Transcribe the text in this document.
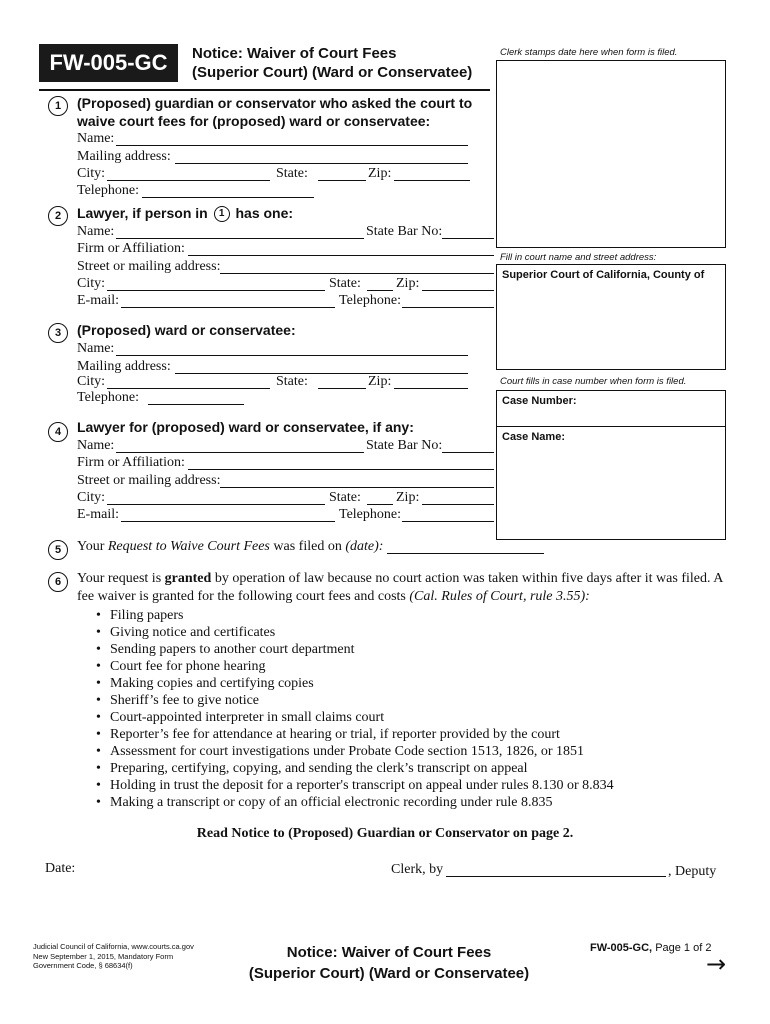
FW-005-GC	Notice: Waiver of Court Fees
(Superior Court) (Ward or Conservatee)
Clerk stamps date here when form is filed.
Fill in court name and street address:
Superior Court of California, County of
Court fills in case number when form is filed.
Case Number:
Case Name:
1	(Proposed) guardian or conservator who asked the court to
waive court fees for (proposed) ward or conservatee:
Name:
Mailing address:
City:	State:	Zip:
Telephone:
2	Lawyer, if person in 1 has one:
Name:	State Bar No:
Firm or Affiliation:
Street or mailing address:
City:	State:	Zip:
E-mail:	Telephone:
3	(Proposed) ward or conservatee:
Name:
Mailing address:
City:	State:	Zip:
Telephone:
4	Lawyer for (proposed) ward or conservatee, if any:
Name:	State Bar No:
Firm or Affiliation:
Street or mailing address:
City:	State:	Zip:
E-mail:	Telephone:
5	Your Request to Waive Court Fees was filed on (date):
6	Your request is granted by operation of law because no court action was taken within five days after it was filed. A
fee waiver is granted for the following court fees and costs (Cal. Rules of Court, rule 3.55):
• Filing papers
• Giving notice and certificates
• Sending papers to another court department
• Court fee for phone hearing
• Making copies and certifying copies
• Sheriff’s fee to give notice
• Court-appointed interpreter in small claims court
• Reporter’s fee for attendance at hearing or trial, if reporter provided by the court
• Assessment for court investigations under Probate Code section 1513, 1826, or 1851
• Preparing, certifying, copying, and sending the clerk’s transcript on appeal
• Holding in trust the deposit for a reporter's transcript on appeal under rules 8.130 or 8.834
• Making a transcript or copy of an official electronic recording under rule 8.835
Read Notice to (Proposed) Guardian or Conservator on page 2.
Date:	Clerk, by	, Deputy
Judicial Council of California, www.courts.ca.gov
New September 1, 2015, Mandatory Form
Government Code, § 68634(f)
Notice: Waiver of Court Fees
(Superior Court) (Ward or Conservatee)
FW-005-GC, Page 1 of 2
→
